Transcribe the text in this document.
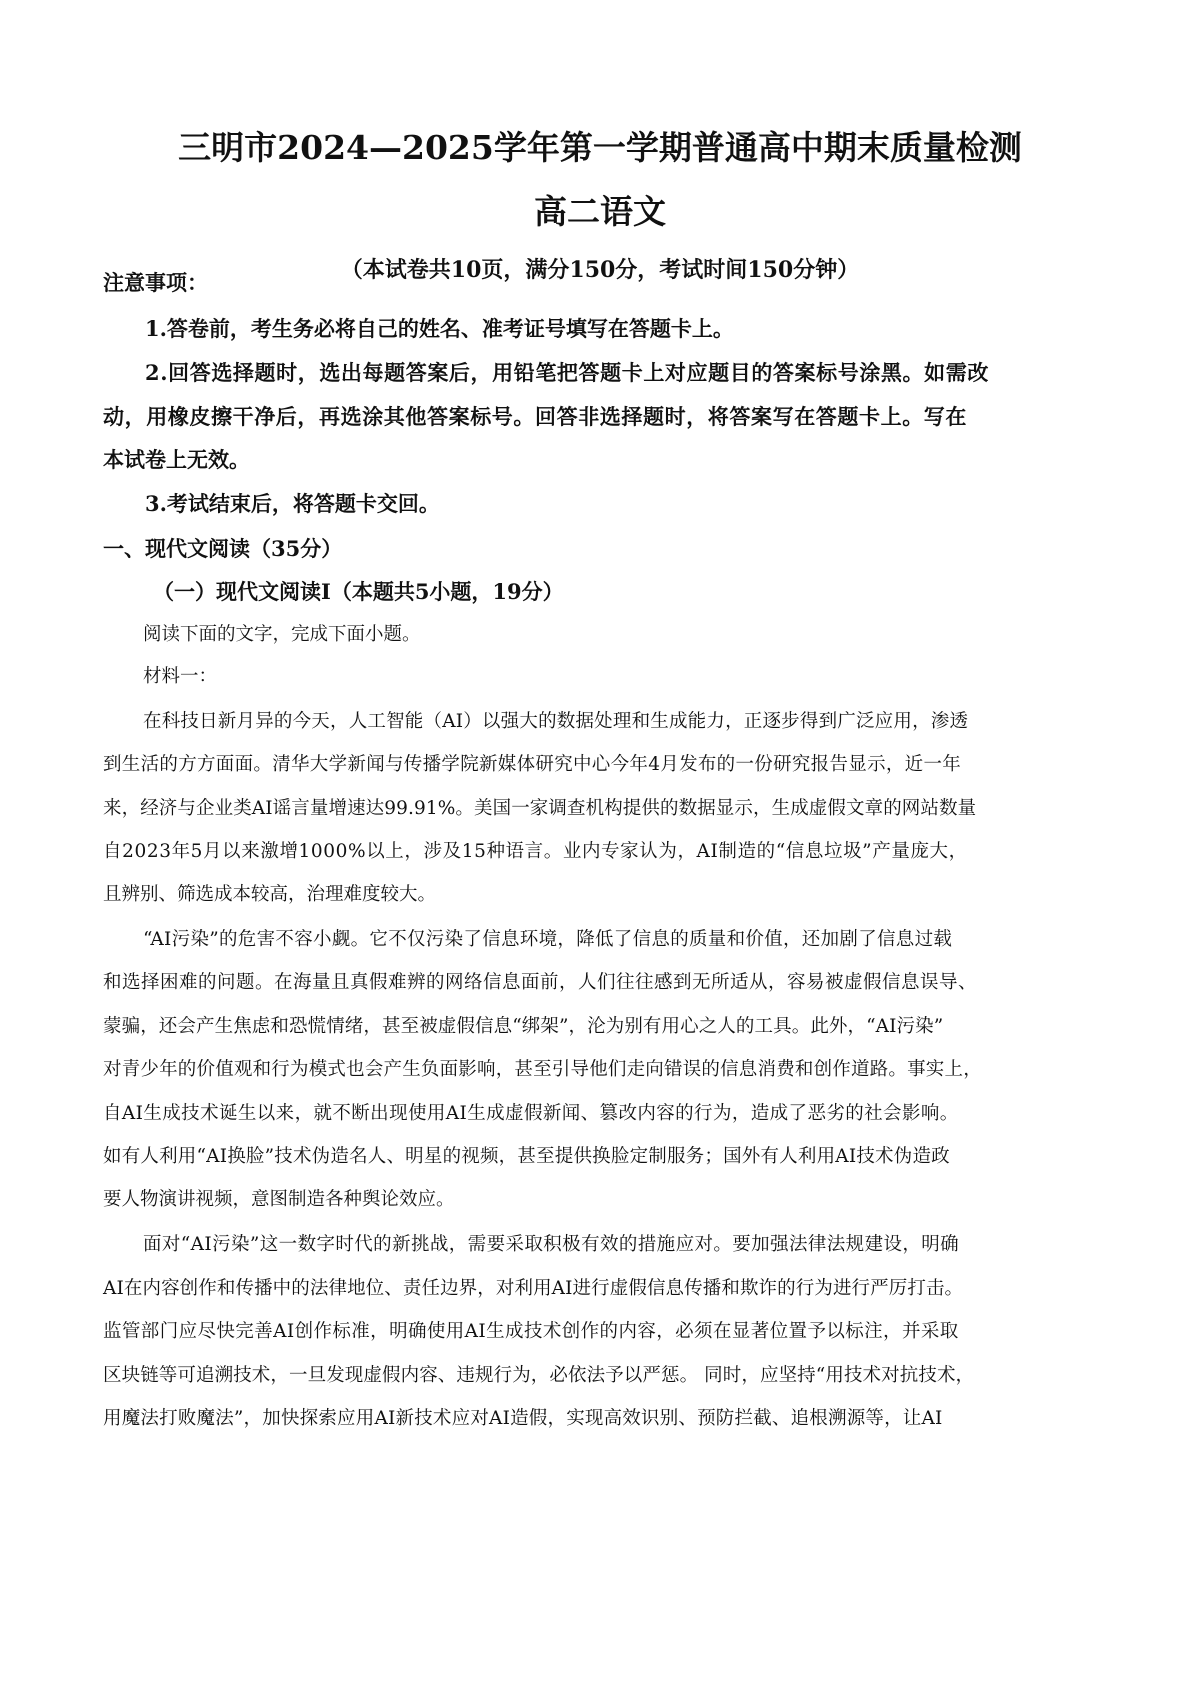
三明市2024—2025学年第一学期普通高中期末质量检测
高二语文
（本试卷共10页，满分150分，考试时间150分钟）
注意事项：
1.答卷前，考生务必将自己的姓名、准考证号填写在答题卡上。
2.回答选择题时，选出每题答案后，用铅笔把答题卡上对应题目的答案标号涂黑。如需改
动，用橡皮擦干净后，再选涂其他答案标号。回答非选择题时，将答案写在答题卡上。写在
本试卷上无效。
3.考试结束后，将答题卡交回。
一、现代文阅读（35分）
（一）现代文阅读Ⅰ（本题共5小题，19分）
阅读下面的文字，完成下面小题。
材料一：
在科技日新月异的今天，人工智能（AI）以强大的数据处理和生成能力，正逐步得到广泛应用，渗透
到生活的方方面面。清华大学新闻与传播学院新媒体研究中心今年4月发布的一份研究报告显示，近一年
来，经济与企业类AI谣言量增速达99.91%。美国一家调查机构提供的数据显示，生成虚假文章的网站数量
自2023年5月以来激增1000%以上，涉及15种语言。业内专家认为，AI制造的“信息垃圾”产量庞大，
且辨别、筛选成本较高，治理难度较大。
“AI污染”的危害不容小觑。它不仅污染了信息环境，降低了信息的质量和价值，还加剧了信息过载
和选择困难的问题。在海量且真假难辨的网络信息面前，人们往往感到无所适从，容易被虚假信息误导、
蒙骗，还会产生焦虑和恐慌情绪，甚至被虚假信息“绑架”，沦为别有用心之人的工具。此外，“AI污染”
对青少年的价值观和行为模式也会产生负面影响，甚至引导他们走向错误的信息消费和创作道路。事实上，
自AI生成技术诞生以来，就不断出现使用AI生成虚假新闻、篡改内容的行为，造成了恶劣的社会影响。
如有人利用“AI换脸”技术伪造名人、明星的视频，甚至提供换脸定制服务；国外有人利用AI技术伪造政
要人物演讲视频，意图制造各种舆论效应。
面对“AI污染”这一数字时代的新挑战，需要采取积极有效的措施应对。要加强法律法规建设，明确
AI在内容创作和传播中的法律地位、责任边界，对利用AI进行虚假信息传播和欺诈的行为进行严厉打击。
监管部门应尽快完善AI创作标准，明确使用AI生成技术创作的内容，必须在显著位置予以标注，并采取
区块链等可追溯技术，一旦发现虚假内容、违规行为，必依法予以严惩。 同时，应坚持“用技术对抗技术，
用魔法打败魔法”，加快探索应用AI新技术应对AI造假，实现高效识别、预防拦截、追根溯源等，让AI
